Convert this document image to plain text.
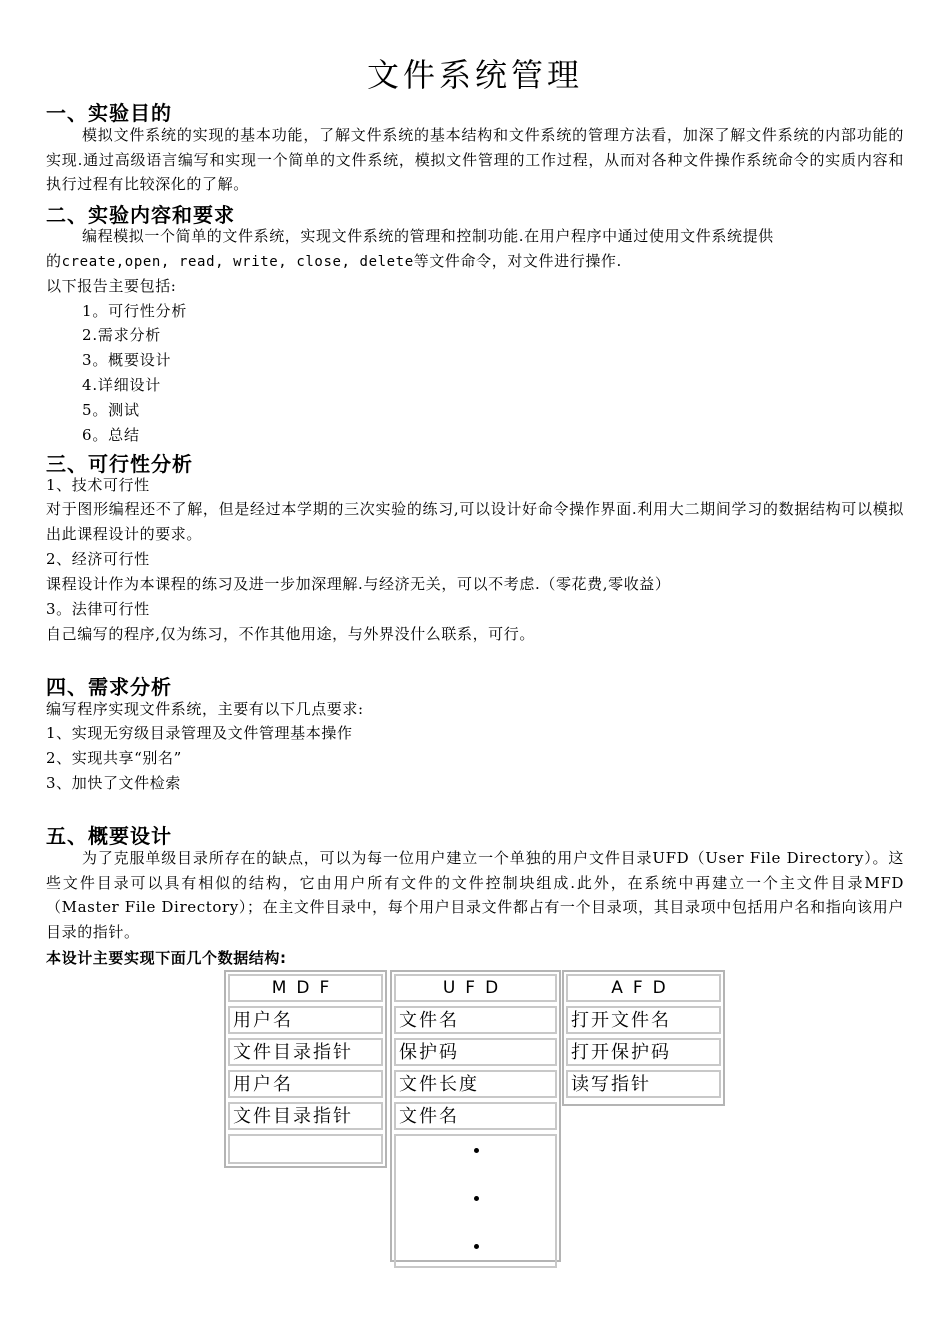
文件系统管理
一、实验目的
模拟文件系统的实现的基本功能，了解文件系统的基本结构和文件系统的管理方法看，加深了解文件系统的内部功能的实现.通过高级语言编写和实现一个简单的文件系统，模拟文件管理的工作过程，从而对各种文件操作系统命令的实质内容和执行过程有比较深化的了解。
二、实验内容和要求
编程模拟一个简单的文件系统，实现文件系统的管理和控制功能.在用户程序中通过使用文件系统提供
的create,open, read, write, close, delete等文件命令，对文件进行操作.
以下报告主要包括:
1。可行性分析
2.需求分析
3。概要设计
4.详细设计
5。测试
6。总结
三、可行性分析
1、技术可行性
对于图形编程还不了解，但是经过本学期的三次实验的练习,可以设计好命令操作界面.利用大二期间学习的数据结构可以模拟出此课程设计的要求。
2、经济可行性
课程设计作为本课程的练习及进一步加深理解.与经济无关，可以不考虑.（零花费,零收益）
3。法律可行性
自己编写的程序,仅为练习，不作其他用途，与外界没什么联系，可行。
四、需求分析
编写程序实现文件系统，主要有以下几点要求:
1、实现无穷级目录管理及文件管理基本操作
2、实现共享“别名”
3、加快了文件检索
五、概要设计
为了克服单级目录所存在的缺点，可以为每一位用户建立一个单独的用户文件目录UFD（User File Directory）。这些文件目录可以具有相似的结构，它由用户所有文件的文件控制块组成.此外，在系统中再建立一个主文件目录MFD （Master File Directory）；在主文件目录中，每个用户目录文件都占有一个目录项，其目录项中包括用户名和指向该用户目录的指针。
本设计主要实现下面几个数据结构:
MDF
用户名
文件目录指针
用户名
文件目录指针
UFD
文件名
保护码
文件长度
文件名
AFD
打开文件名
打开保护码
读写指针
